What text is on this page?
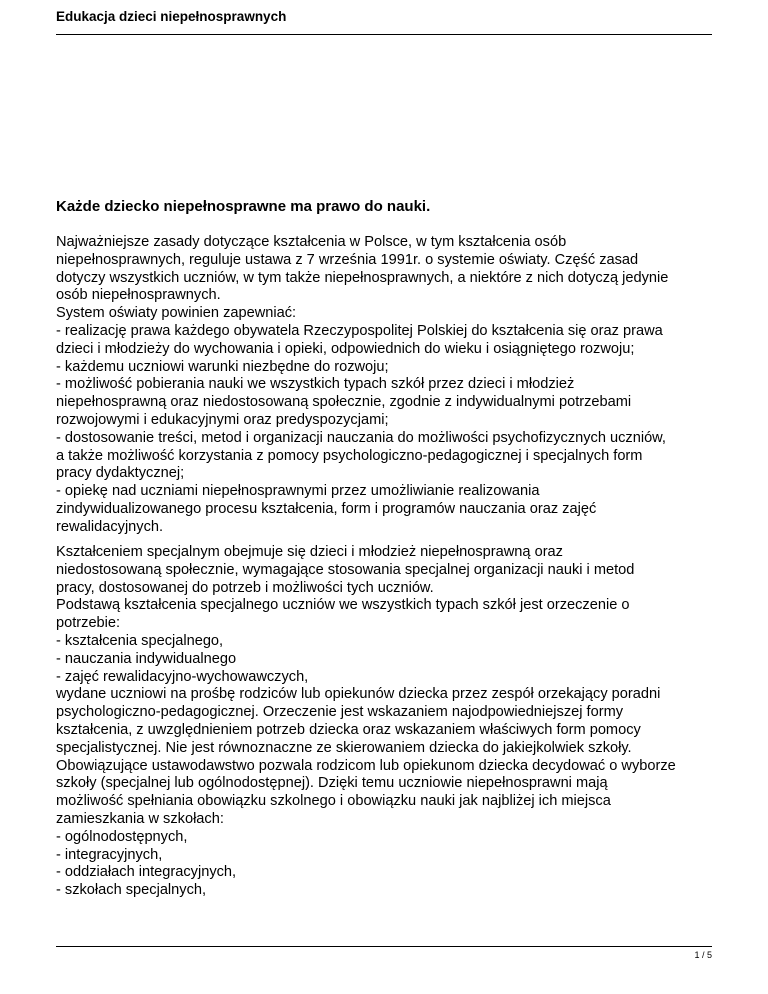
Edukacja dzieci niepełnosprawnych
Każde dziecko niepełnosprawne ma prawo do nauki.
Najważniejsze zasady dotyczące kształcenia w Polsce, w tym kształcenia osób
niepełnosprawnych, reguluje ustawa z 7 września 1991r. o systemie oświaty. Część zasad
dotyczy wszystkich uczniów, w tym także niepełnosprawnych, a niektóre z nich dotyczą jedynie
osób niepełnosprawnych.
System oświaty powinien zapewniać:
- realizację prawa każdego obywatela Rzeczypospolitej Polskiej do kształcenia się oraz prawa
dzieci i młodzieży do wychowania i opieki, odpowiednich do wieku i osiągniętego rozwoju;
- każdemu uczniowi warunki niezbędne do rozwoju;
- możliwość pobierania nauki we wszystkich typach szkół przez dzieci i młodzież
niepełnosprawną oraz niedostosowaną społecznie, zgodnie z indywidualnymi potrzebami
rozwojowymi i edukacyjnymi oraz predyspozycjami;
- dostosowanie treści, metod i organizacji nauczania do możliwości psychofizycznych uczniów,
a także możliwość korzystania z pomocy psychologiczno-pedagogicznej i specjalnych form
pracy dydaktycznej;
- opiekę nad uczniami niepełnosprawnymi przez umożliwianie realizowania
zindywidualizowanego procesu kształcenia, form i programów nauczania oraz zajęć
rewalidacyjnych.
Kształceniem specjalnym obejmuje się dzieci i młodzież niepełnosprawną oraz
niedostosowaną społecznie, wymagające stosowania specjalnej organizacji nauki i metod
pracy, dostosowanej do potrzeb i możliwości tych uczniów.
Podstawą kształcenia specjalnego uczniów we wszystkich typach szkół jest orzeczenie o
potrzebie:
- kształcenia specjalnego,
- nauczania indywidualnego
- zajęć rewalidacyjno-wychowawczych,
wydane uczniowi na prośbę rodziców lub opiekunów dziecka przez zespół orzekający poradni
psychologiczno-pedagogicznej. Orzeczenie jest wskazaniem najodpowiedniejszej formy
kształcenia, z uwzględnieniem potrzeb dziecka oraz wskazaniem właściwych form pomocy
specjalistycznej. Nie jest równoznaczne ze skierowaniem dziecka do jakiejkolwiek szkoły.
Obowiązujące ustawodawstwo pozwala rodzicom lub opiekunom dziecka decydować o wyborze
szkoły (specjalnej lub ogólnodostępnej). Dzięki temu uczniowie niepełnosprawni mają
możliwość spełniania obowiązku szkolnego i obowiązku nauki jak najbliżej ich miejsca
zamieszkania w szkołach:
- ogólnodostępnych,
- integracyjnych,
- oddziałach integracyjnych,
- szkołach specjalnych,
1 / 5
